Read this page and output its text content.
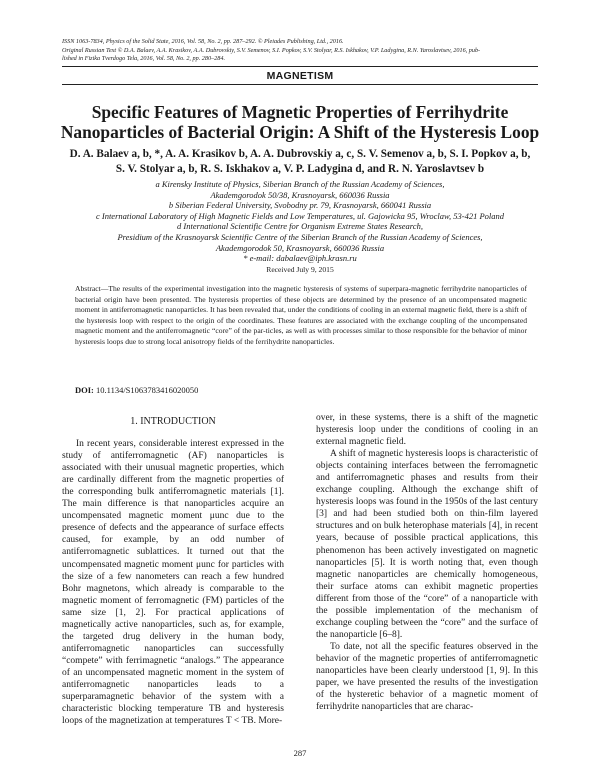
ISSN 1063-7834, Physics of the Solid State, 2016, Vol. 58, No. 2, pp. 287–292. © Pleiades Publishing, Ltd., 2016.
Original Russian Text © D.A. Balaev, A.A. Krasikov, A.A. Dubrovskiy, S.V. Semenov, S.I. Popkov, S.V. Stolyar, R.S. Iskhakov, V.P. Ladygina, R.N. Yaroslavtsev, 2016, pub-
lished in Fizika Tverdogo Tela, 2016, Vol. 58, No. 2, pp. 280–284.
MAGNETISM
Specific Features of Magnetic Properties of Ferrihydrite Nanoparticles of Bacterial Origin: A Shift of the Hysteresis Loop
D. A. Balaev a, b, *, A. A. Krasikov b, A. A. Dubrovskiy a, c, S. V. Semenov a, b, S. I. Popkov a, b,
S. V. Stolyar a, b, R. S. Iskhakov a, V. P. Ladygina d, and R. N. Yaroslavtsev b
a Kirensky Institute of Physics, Siberian Branch of the Russian Academy of Sciences,
Akademgorodok 50/38, Krasnoyarsk, 660036 Russia
b Siberian Federal University, Svobodny pr. 79, Krasnoyarsk, 660041 Russia
c International Laboratory of High Magnetic Fields and Low Temperatures, ul. Gajowicka 95, Wroclaw, 53-421 Poland
d International Scientific Centre for Organism Extreme States Research,
Presidium of the Krasnoyarsk Scientific Centre of the Siberian Branch of the Russian Academy of Sciences,
Akademgorodok 50, Krasnoyarsk, 660036 Russia
* e-mail: dabalaev@iph.krasn.ru
Received July 9, 2015
Abstract—The results of the experimental investigation into the magnetic hysteresis of systems of superpara-magnetic ferrihydrite nanoparticles of bacterial origin have been presented. The hysteresis properties of these objects are determined by the presence of an uncompensated magnetic moment in antiferromagnetic nanoparticles. It has been revealed that, under the conditions of cooling in an external magnetic field, there is a shift of the hysteresis loop with respect to the origin of the coordinates. These features are associated with the exchange coupling of the uncompensated magnetic moment and the antiferromagnetic “core” of the par-ticles, as well as with processes similar to those responsible for the behavior of minor hysteresis loops due to strong local anisotropy fields of the ferrihydrite nanoparticles.
DOI: 10.1134/S1063783416020050
1. INTRODUCTION

In recent years, considerable interest expressed in the study of antiferromagnetic (AF) nanoparticles is associated with their unusual magnetic properties, which are cardinally different from the magnetic properties of the corresponding bulk antiferromagnetic materials [1]. The main difference is that nanoparticles acquire an uncompensated magnetic moment μunc due to the presence of defects and the appearance of surface effects caused, for example, by an odd number of antiferromagnetic sublattices. It turned out that the uncompensated magnetic moment μunc for particles with the size of a few nanometers can reach a few hundred Bohr magnetons, which already is comparable to the magnetic moment of ferromagnetic (FM) particles of the same size [1, 2]. For practical applications of magnetically active nanoparticles, such as, for example, the targeted drug delivery in the human body, antiferromagnetic nanoparticles can successfully “compete” with ferrimagnetic “analogs.” The appearance of an uncompensated magnetic moment in the system of antiferromagnetic nanoparticles leads to a superparamagnetic behavior of the system with a characteristic blocking temperature TB and hysteresis loops of the magnetization at temperatures T < TB. More-

over, in these systems, there is a shift of the magnetic hysteresis loop under the conditions of cooling in an external magnetic field.

A shift of magnetic hysteresis loops is characteristic of objects containing interfaces between the ferromagnetic and antiferromagnetic phases and results from their exchange coupling. Although the exchange shift of hysteresis loops was found in the 1950s of the last century [3] and had been studied both on thin-film layered structures and on bulk heterophase materials [4], in recent years, because of possible practical applications, this phenomenon has been actively investigated on magnetic nanoparticles [5]. It is worth noting that, even though magnetic nanoparticles are chemically homogeneous, their surface atoms can exhibit magnetic properties different from those of the “core” of a nanoparticle with the possible implementation of the mechanism of exchange coupling between the “core” and the surface of the nanoparticle [6–8].

To date, not all the specific features observed in the behavior of the magnetic properties of antiferromagnetic nanoparticles have been clearly understood [1, 9]. In this paper, we have presented the results of the investigation of the hysteretic behavior of a magnetic moment of ferrihydrite nanoparticles that are charac-

287
